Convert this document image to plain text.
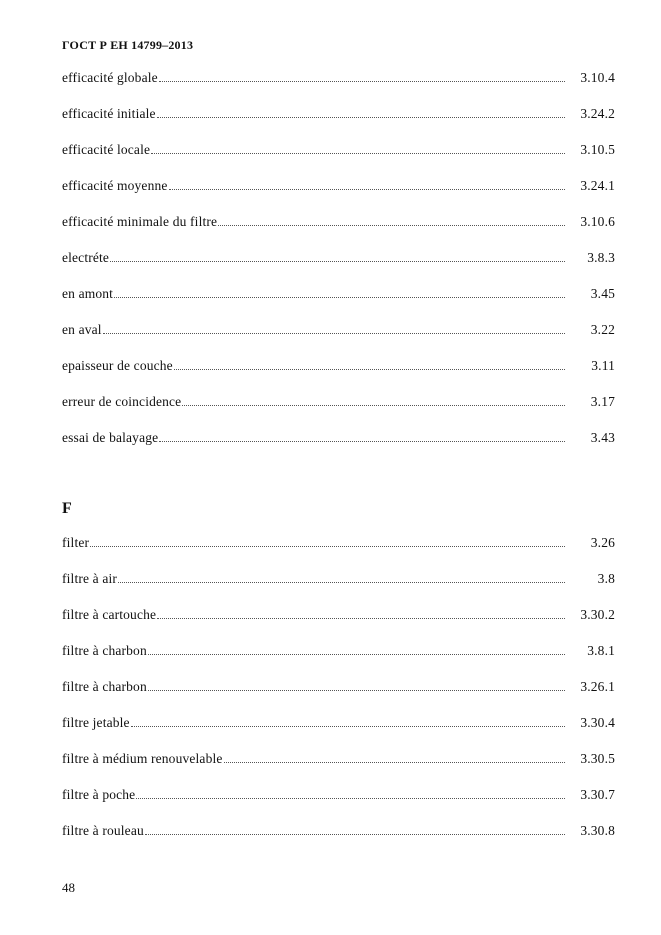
ГОСТ Р ЕН 14799–2013
efficacité globale	3.10.4
efficacité initiale	3.24.2
efficacité locale	3.10.5
efficacité moyenne	3.24.1
efficacité minimale du filtre	3.10.6
electréte	3.8.3
en amont	3.45
en aval	3.22
epaisseur de couche	3.11
erreur de coincidence	3.17
essai de balayage	3.43
F
filter	3.26
filtre à air	3.8
filtre à cartouche	3.30.2
filtre à charbon	3.8.1
filtre à charbon	3.26.1
filtre jetable	3.30.4
filtre à médium renouvelable	3.30.5
filtre à poche	3.30.7
filtre à rouleau	3.30.8
48
